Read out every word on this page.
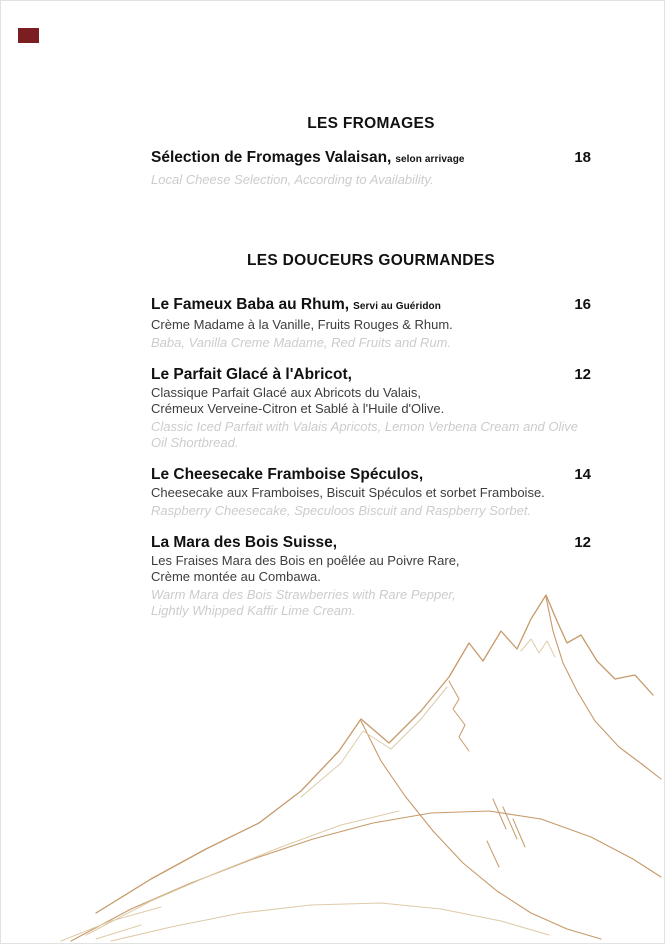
LES FROMAGES
Sélection de Fromages Valaisan, selon arrivage	18
Local Cheese Selection, According to Availability.
LES DOUCEURS GOURMANDES
Le Fameux Baba au Rhum, Servi au Guéridon	16
Crème Madame à la Vanille, Fruits Rouges & Rhum.
Baba, Vanilla Creme Madame, Red Fruits and Rum.
Le Parfait Glacé à l'Abricot,	12
Classique Parfait Glacé aux Abricots du Valais,
Crémeux Verveine-Citron et Sablé à l'Huile d'Olive.
Classic Iced Parfait with Valais Apricots, Lemon Verbena Cream and Olive
Oil Shortbread.
Le Cheesecake Framboise Spéculos,	14
Cheesecake aux Framboises, Biscuit Spéculos et sorbet Framboise.
Raspberry Cheesecake, Speculoos Biscuit and Raspberry Sorbet.
La Mara des Bois Suisse,	12
Les Fraises Mara des Bois en poêlée au Poivre Rare,
Crème montée au Combawa.
Warm Mara des Bois Strawberries with Rare Pepper,
Lightly Whipped Kaffir Lime Cream.
